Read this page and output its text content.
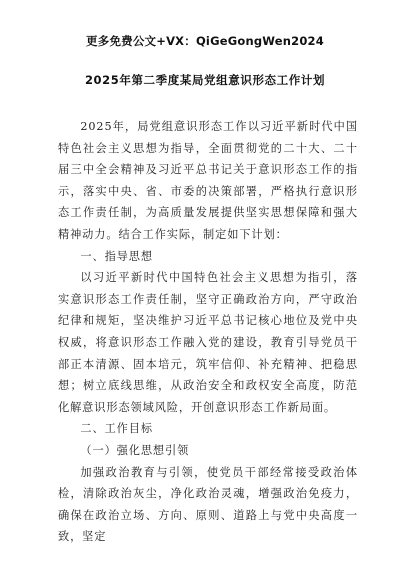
更多免费公文+VX：QiGeGongWen2024
2025年第二季度某局党组意识形态工作计划

2025年，局党组意识形态工作以习近平新时代中国特色社会主义思想为指导，全面贯彻党的二十大、二十届三中全会精神及习近平总书记关于意识形态工作的指示，落实中央、省、市委的决策部署，严格执行意识形态工作责任制，为高质量发展提供坚实思想保障和强大精神动力。结合工作实际，制定如下计划：

一、指导思想

以习近平新时代中国特色社会主义思想为指引，落实意识形态工作责任制，坚守正确政治方向，严守政治纪律和规矩，坚决维护习近平总书记核心地位及党中央权威，将意识形态工作融入党的建设，教育引导党员干部正本清源、固本培元，筑牢信仰、补充精神、把稳思想；树立底线思维，从政治安全和政权安全高度，防范化解意识形态领域风险，开创意识形态工作新局面。

二、工作目标
（一）强化思想引领

加强政治教育与引领，使党员干部经常接受政治体检，清除政治灰尘，净化政治灵魂，增强政治免疫力，确保在政治立场、方向、原则、道路上与党中央高度一致，坚定
